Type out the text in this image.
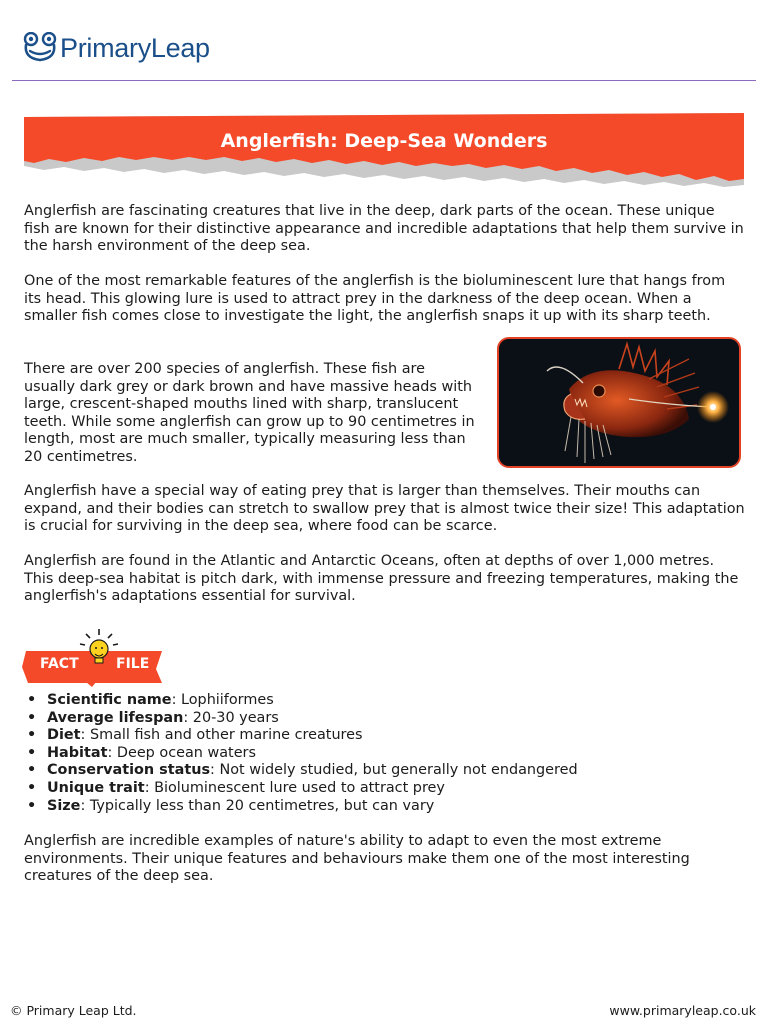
PrimaryLeap
Anglerfish: Deep-Sea Wonders

Anglerfish are fascinating creatures that live in the deep, dark parts of the ocean. These unique fish are known for their distinctive appearance and incredible adaptations that help them survive in the harsh environment of the deep sea.

One of the most remarkable features of the anglerfish is the bioluminescent lure that hangs from its head. This glowing lure is used to attract prey in the darkness of the deep ocean. When a smaller fish comes close to investigate the light, the anglerfish snaps it up with its sharp teeth.

There are over 200 species of anglerfish. These fish are usually dark grey or dark brown and have massive heads with large, crescent-shaped mouths lined with sharp, translucent teeth. While some anglerfish can grow up to 90 centimetres in length, most are much smaller, typically measuring less than 20 centimetres.

Anglerfish have a special way of eating prey that is larger than themselves. Their mouths can expand, and their bodies can stretch to swallow prey that is almost twice their size! This adaptation is crucial for surviving in the deep sea, where food can be scarce.

Anglerfish are found in the Atlantic and Antarctic Oceans, often at depths of over 1,000 metres. This deep-sea habitat is pitch dark, with immense pressure and freezing temperatures, making the anglerfish's adaptations essential for survival.

FACT	FILE
• Scientific name: Lophiiformes
• Average lifespan: 20-30 years
• Diet: Small fish and other marine creatures
• Habitat: Deep ocean waters
• Conservation status: Not widely studied, but generally not endangered
• Unique trait: Bioluminescent lure used to attract prey
• Size: Typically less than 20 centimetres, but can vary

Anglerfish are incredible examples of nature's ability to adapt to even the most extreme environments. Their unique features and behaviours make them one of the most interesting creatures of the deep sea.

© Primary Leap Ltd.	www.primaryleap.co.uk
